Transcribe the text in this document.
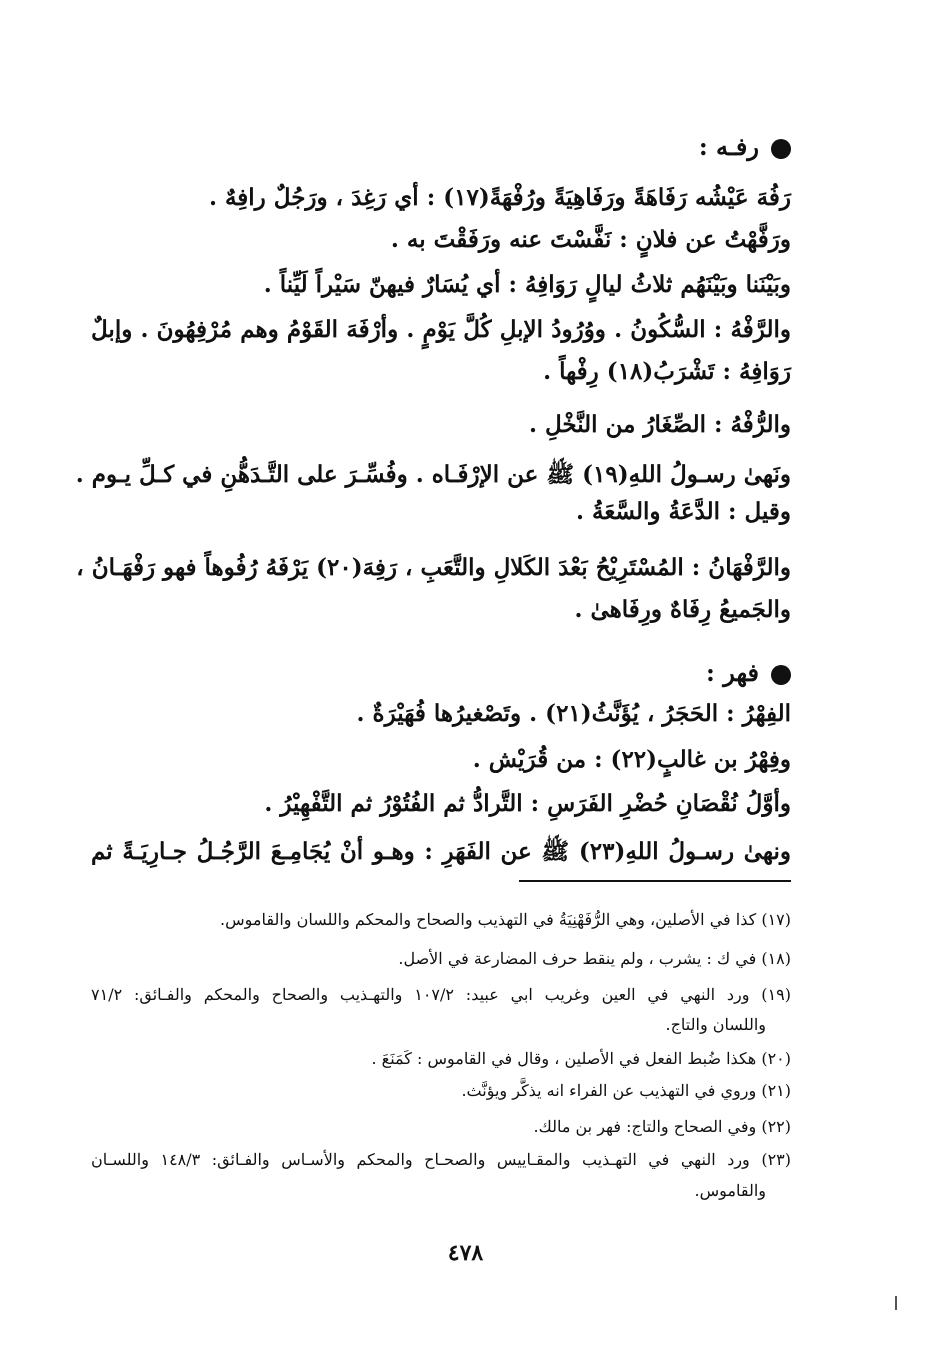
رفـه :
رَفُهَ عَيْشُه رَفَاهَةً ورَفَاهِيَةً ورُفْهَةً(١٧) : أي رَغِدَ ، ورَجُلٌ رافِهٌ .
ورَفَّهْتُ عن فلانٍ : نَفَّسْتَ عنه ورَفَقْتَ به .
وبَيْنَنا وبَيْنَهُم ثلاثُ ليالٍ رَوَافِهُ : أي يُسَارٌ فيهنّ سَيْراً لَيِّناً .
والرَّفْهُ : السُّكُونُ . ووُرُودُ الإبلِ كُلَّ يَوْمٍ . وأرْفَهَ القَوْمُ وهم مُرْفِهُونَ . وإبلٌ
رَوَافِهُ : تَشْرَبُ(١٨) رِفْهاً .
والرُّفْهُ : الصِّغَارُ من النَّخْلِ .
ونَهىٰ رسـولُ اللهِ(١٩) ﷺ عن الإرْفَـاه . وفُسِّـرَ على التَّـدَهُّنِ في كـلِّ يـوم .
وقيل : الدَّعَةُ والسَّعَةُ .
والرَّفْهَانُ : المُسْتَرِيْحُ بَعْدَ الكَلالِ والتَّعَبِ ، رَفِهَ(٢٠) يَرْفَهُ رُفُوهاً فهو رَفْهَـانُ ،
والجَميعُ رِفَاهٌ ورِفَاهىٰ .
فهر :
الفِهْرُ : الحَجَرُ ، يُؤَنَّثُ(٢١) . وتَصْغيرُها فُهَيْرَةٌ .
وفِهْرُ بن غالبٍ(٢٢) : من قُرَيْش .
وأوَّلُ نُقْصَانِ حُضْرِ الفَرَسِ : التَّرادُّ ثم الفُتُوْرُ ثم التَّفْهِيْرُ .
ونهىٰ رسـولُ اللهِ(٢٣) ﷺ عن الفَهَرِ : وهـو أنْ يُجَامِـعَ الرَّجُـلُ جـارِيَـةً ثم
(١٧) كذا في الأصلين، وهي الرُّفَهْنِيَةُ في التهذيب والصحاح والمحكم واللسان والقاموس.
(١٨) في ك : يشرب ، ولم ينقط حرف المضارعة في الأصل.
(١٩) ورد النهي في العين وغريب ابي عبيد: ١٠٧/٢ والتهـذيب والصحاح والمحكم والفـائق: ٧١/٢
واللسان والتاج.
(٢٠) هكذا ضُبط الفعل في الأصلين ، وقال في القاموس : كَمَنَعَ .
(٢١) وروي في التهذيب عن الفراء انه يذكَّر ويؤنَّث.
(٢٢) وفي الصحاح والتاج: فهر بن مالك.
(٢٣) ورد النهي في التهـذيب والمقـاييس والصحـاح والمحكم والأسـاس والفـائق: ١٤٨/٣ واللسـان
والقاموس.
٤٧٨
